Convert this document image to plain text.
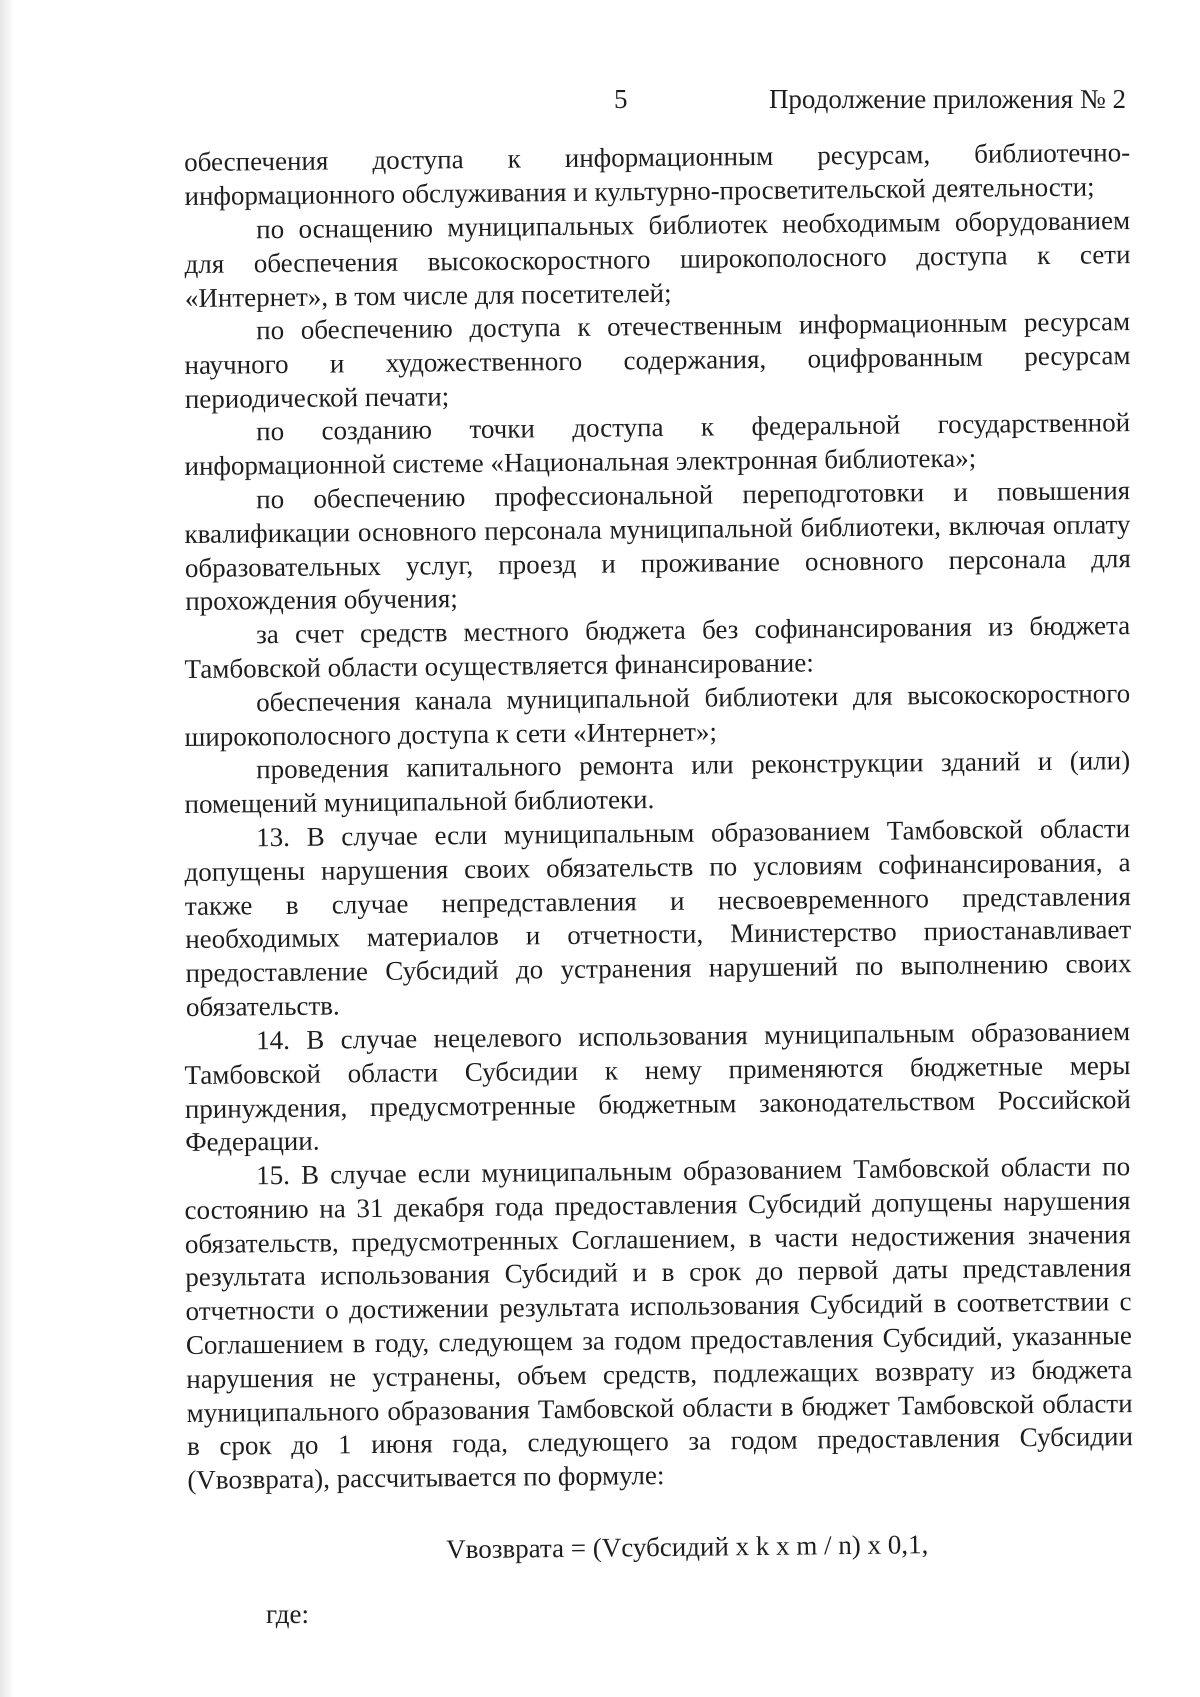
5	Продолжение приложения № 2

обеспечения доступа к информационным ресурсам, библиотечно-информационного обслуживания и культурно-просветительской деятельности;

по оснащению муниципальных библиотек необходимым оборудованием для обеспечения высокоскоростного широкополосного доступа к сети «Интернет», в том числе для посетителей;

по обеспечению доступа к отечественным информационным ресурсам научного и художественного содержания, оцифрованным ресурсам периодической печати;

по созданию точки доступа к федеральной государственной информационной системе «Национальная электронная библиотека»;

по обеспечению профессиональной переподготовки и повышения квалификации основного персонала муниципальной библиотеки, включая оплату образовательных услуг, проезд и проживание основного персонала для прохождения обучения;

за счет средств местного бюджета без софинансирования из бюджета Тамбовской области осуществляется финансирование:

обеспечения канала муниципальной библиотеки для высокоскоростного широкополосного доступа к сети «Интернет»;

проведения капитального ремонта или реконструкции зданий и (или) помещений муниципальной библиотеки.

13. В случае если муниципальным образованием Тамбовской области допущены нарушения своих обязательств по условиям софинансирования, а также в случае непредставления и несвоевременного представления необходимых материалов и отчетности, Министерство приостанавливает предоставление Субсидий до устранения нарушений по выполнению своих обязательств.

14. В случае нецелевого использования муниципальным образованием Тамбовской области Субсидии к нему применяются бюджетные меры принуждения, предусмотренные бюджетным законодательством Российской Федерации.

15. В случае если муниципальным образованием Тамбовской области по состоянию на 31 декабря года предоставления Субсидий допущены нарушения обязательств, предусмотренных Соглашением, в части недостижения значения результата использования Субсидий и в срок до первой даты представления отчетности о достижении результата использования Субсидий в соответствии с Соглашением в году, следующем за годом предоставления Субсидий, указанные нарушения не устранены, объем средств, подлежащих возврату из бюджета муниципального образования Тамбовской области в бюджет Тамбовской области в срок до 1 июня года, следующего за годом предоставления Субсидии (Vвозврата), рассчитывается по формуле:

Vвозврата = (Vсубсидий x k x m / n) x 0,1,

где:
